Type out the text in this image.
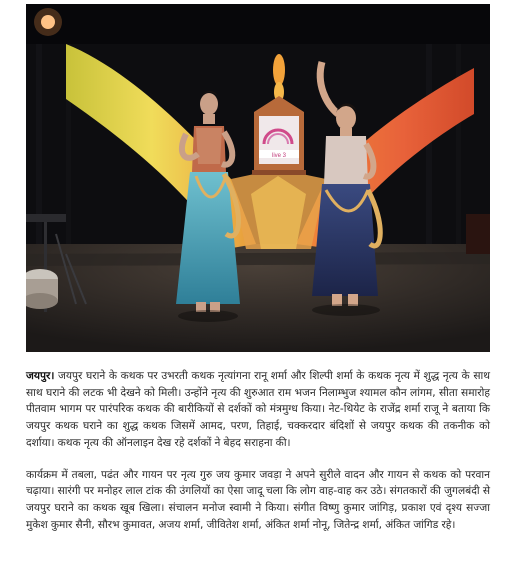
live 3

जयपुर। जयपुर घराने के कथक पर उभरती कथक नृत्यांगना रानू शर्मा और शिल्पी शर्मा के कथक नृत्य में शुद्ध नृत्य के साथ साथ घराने की लटक भी देखने को मिली। उन्होंने नृत्य की शुरुआत राम भजन निलाम्भुज श्यामल कौन लांगम, सीता समारोह पीतवाम भागम पर पारंपरिक कथक की बारीकियों से दर्शकों को मंत्रमुग्ध किया। नेट-थियेट के राजेंद्र शर्मा राजू ने बताया कि जयपुर कथक घराने का शुद्ध कथक जिसमें आमद, परण, तिहाई, चक्करदार बंदिशों से जयपुर कथक की तकनीक को दर्शाया। कथक नृत्य की ऑनलाइन देख रहे दर्शकों ने बेहद सराहना की।

कार्यक्रम में तबला, पढंत और गायन पर नृत्य गुरु जय कुमार जवड़ा ने अपने सुरीले वादन और गायन से कथक को परवान चढ़ाया। सारंगी पर मनोहर लाल टांक की उंगलियों का ऐसा जादू चला कि लोग वाह-वाह कर उठे। संगतकारों की जुगलबंदी से जयपुर घराने का कथक खूब खिला। संचालन मनोज स्वामी ने किया। संगीत विष्णु कुमार जांगिड़, प्रकाश एवं दृश्य सज्जा मुकेश कुमार सैनी, सौरभ कुमावत, अजय शर्मा, जीवितेश शर्मा, अंकित शर्मा नोनू, जितेन्द्र शर्मा, अंकित जांगिड रहे।
